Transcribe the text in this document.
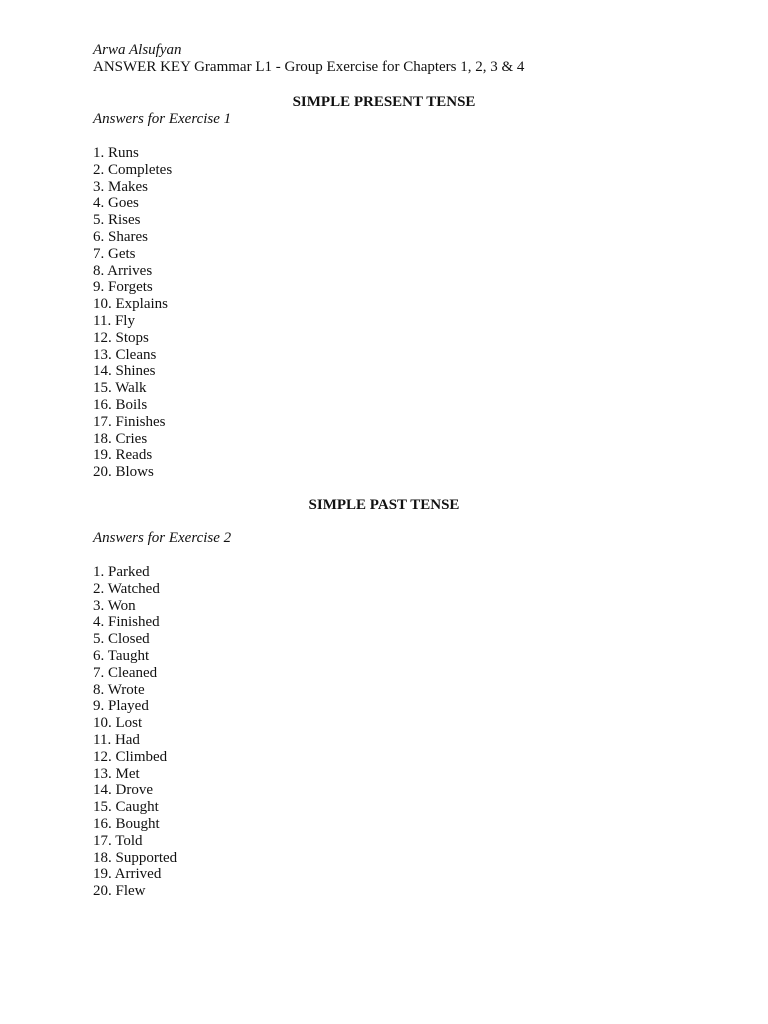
Arwa Alsufyan
ANSWER KEY Grammar L1 - Group Exercise for Chapters 1, 2, 3 & 4
SIMPLE PRESENT TENSE
Answers for Exercise 1
1. Runs
2. Completes
3. Makes
4. Goes
5. Rises
6. Shares
7. Gets
8. Arrives
9. Forgets
10. Explains
11. Fly
12. Stops
13. Cleans
14. Shines
15. Walk
16. Boils
17. Finishes
18. Cries
19. Reads
20. Blows
SIMPLE PAST TENSE
Answers for Exercise 2
1. Parked
2. Watched
3. Won
4. Finished
5. Closed
6. Taught
7. Cleaned
8. Wrote
9. Played
10. Lost
11. Had
12. Climbed
13. Met
14. Drove
15. Caught
16. Bought
17. Told
18. Supported
19. Arrived
20. Flew
